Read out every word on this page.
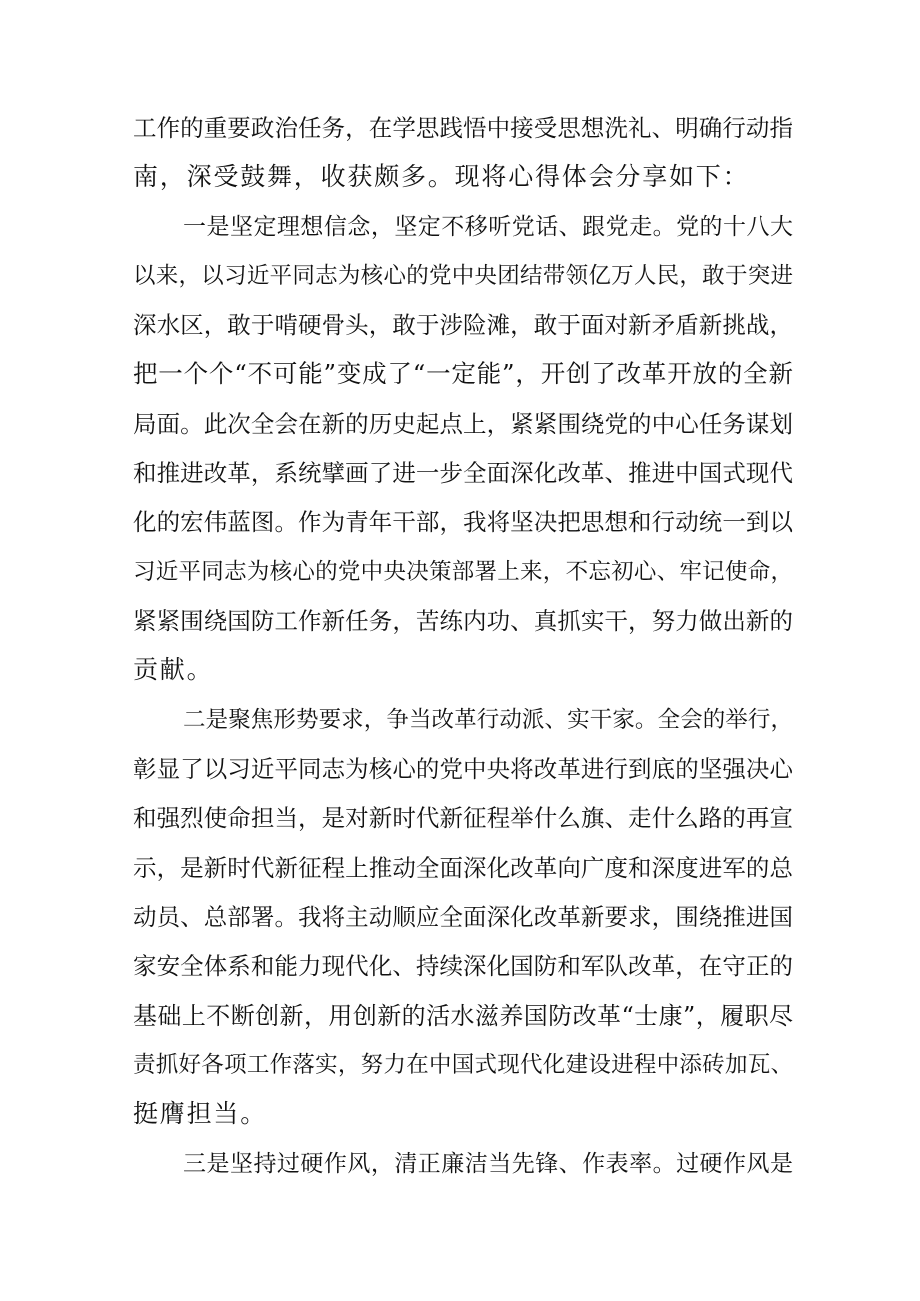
工作的重要政治任务，在学思践悟中接受思想洗礼、明确行动指
南，深受鼓舞，收获颇多。现将心得体会分享如下：
一是坚定理想信念，坚定不移听党话、跟党走。党的十八大
以来，以习近平同志为核心的党中央团结带领亿万人民，敢于突进
深水区，敢于啃硬骨头，敢于涉险滩，敢于面对新矛盾新挑战，
把一个个“不可能”变成了“一定能”，开创了改革开放的全新
局面。此次全会在新的历史起点上，紧紧围绕党的中心任务谋划
和推进改革，系统擘画了进一步全面深化改革、推进中国式现代
化的宏伟蓝图。作为青年干部，我将坚决把思想和行动统一到以
习近平同志为核心的党中央决策部署上来，不忘初心、牢记使命，
紧紧围绕国防工作新任务，苦练内功、真抓实干，努力做出新的
贡献。
二是聚焦形势要求，争当改革行动派、实干家。全会的举行，
彰显了以习近平同志为核心的党中央将改革进行到底的坚强决心
和强烈使命担当，是对新时代新征程举什么旗、走什么路的再宣
示，是新时代新征程上推动全面深化改革向广度和深度进军的总
动员、总部署。我将主动顺应全面深化改革新要求，围绕推进国
家安全体系和能力现代化、持续深化国防和军队改革，在守正的
基础上不断创新，用创新的活水滋养国防改革“士康”，履职尽
责抓好各项工作落实，努力在中国式现代化建设进程中添砖加瓦、
挺膺担当。
三是坚持过硬作风，清正廉洁当先锋、作表率。过硬作风是
